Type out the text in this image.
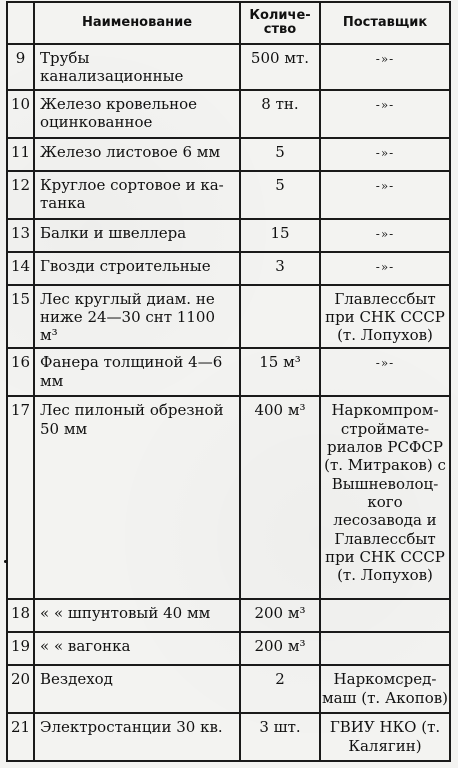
	Наименование	Количе-
ство	Поставщик
9	Трубы канализационные	500 мт.	-»-
10	Железо кровельное оцинкованное	8 тн.	-»-
11	Железо листовое 6 мм	5	-»-
12	Круглое сортовое и катанка	5	-»-
13	Балки и швеллера	15	-»-
14	Гвозди строительные	3	-»-
15	Лес круглый диам. не ниже 24—30 снт 1100 м³		Главлессбыт при СНК СССР (т. Лопухов)
16	Фанера толщиной 4—6 мм	15 м³	-»-
17	Лес пилоный обрезной 50 мм	400 м³	Наркомпромстройматериалов РСФСР (т. Митраков) с Вышневолоцкого лесозавода и Главлессбыт при СНК СССР (т. Лопухов)
18	« « шпунтовый 40 мм	200 м³	
19	« « вагонка	200 м³	
20	Вездеход	2	Наркомсредмаш (т. Акопов)
21	Электростанции 30 кв.	3 шт.	ГВИУ НКО (т. Калягин)
